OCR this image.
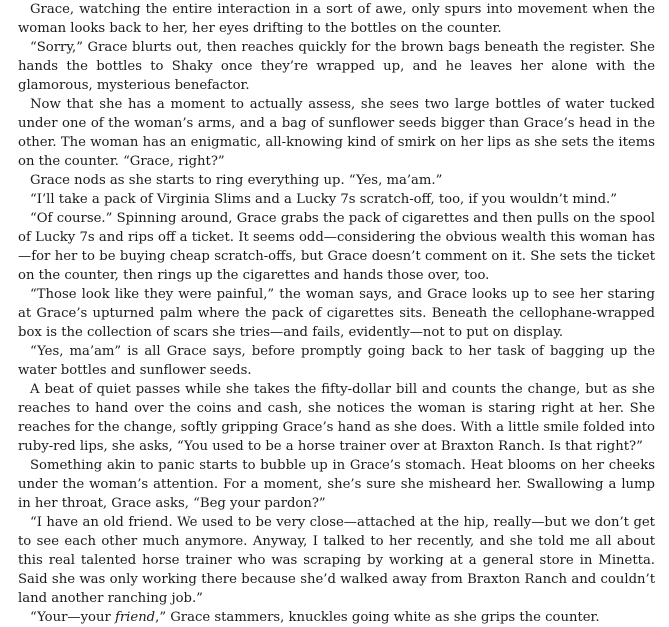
Grace, watching the entire interaction in a sort of awe, only spurs into movement when the woman looks back to her, her eyes drifting to the bottles on the counter.

“Sorry,” Grace blurts out, then reaches quickly for the brown bags beneath the register. She hands the bottles to Shaky once they’re wrapped up, and he leaves her alone with the glamorous, mysterious benefactor.

Now that she has a moment to actually assess, she sees two large bottles of water tucked under one of the woman’s arms, and a bag of sunflower seeds bigger than Grace’s head in the other. The woman has an enigmatic, all-knowing kind of smirk on her lips as she sets the items on the counter. “Grace, right?”

Grace nods as she starts to ring everything up. “Yes, ma’am.”

“I’ll take a pack of Virginia Slims and a Lucky 7s scratch-off, too, if you wouldn’t mind.”

“Of course.” Spinning around, Grace grabs the pack of cigarettes and then pulls on the spool of Lucky 7s and rips off a ticket. It seems odd—considering the obvious wealth this woman has—for her to be buying cheap scratch-offs, but Grace doesn’t comment on it. She sets the ticket on the counter, then rings up the cigarettes and hands those over, too.

“Those look like they were painful,” the woman says, and Grace looks up to see her staring at Grace’s upturned palm where the pack of cigarettes sits. Beneath the cellophane-wrapped box is the collection of scars she tries—and fails, evidently—not to put on display.

“Yes, ma’am” is all Grace says, before promptly going back to her task of bagging up the water bottles and sunflower seeds.

A beat of quiet passes while she takes the fifty-dollar bill and counts the change, but as she reaches to hand over the coins and cash, she notices the woman is staring right at her. She reaches for the change, softly gripping Grace’s hand as she does. With a little smile folded into ruby-red lips, she asks, “You used to be a horse trainer over at Braxton Ranch. Is that right?”

Something akin to panic starts to bubble up in Grace’s stomach. Heat blooms on her cheeks under the woman’s attention. For a moment, she’s sure she misheard her. Swallowing a lump in her throat, Grace asks, “Beg your pardon?”

“I have an old friend. We used to be very close—attached at the hip, really—but we don’t get to see each other much anymore. Anyway, I talked to her recently, and she told me all about this real talented horse trainer who was scraping by working at a general store in Minetta. Said she was only working there because she’d walked away from Braxton Ranch and couldn’t land another ranching job.”

“Your—your friend,” Grace stammers, knuckles going white as she grips the counter.
